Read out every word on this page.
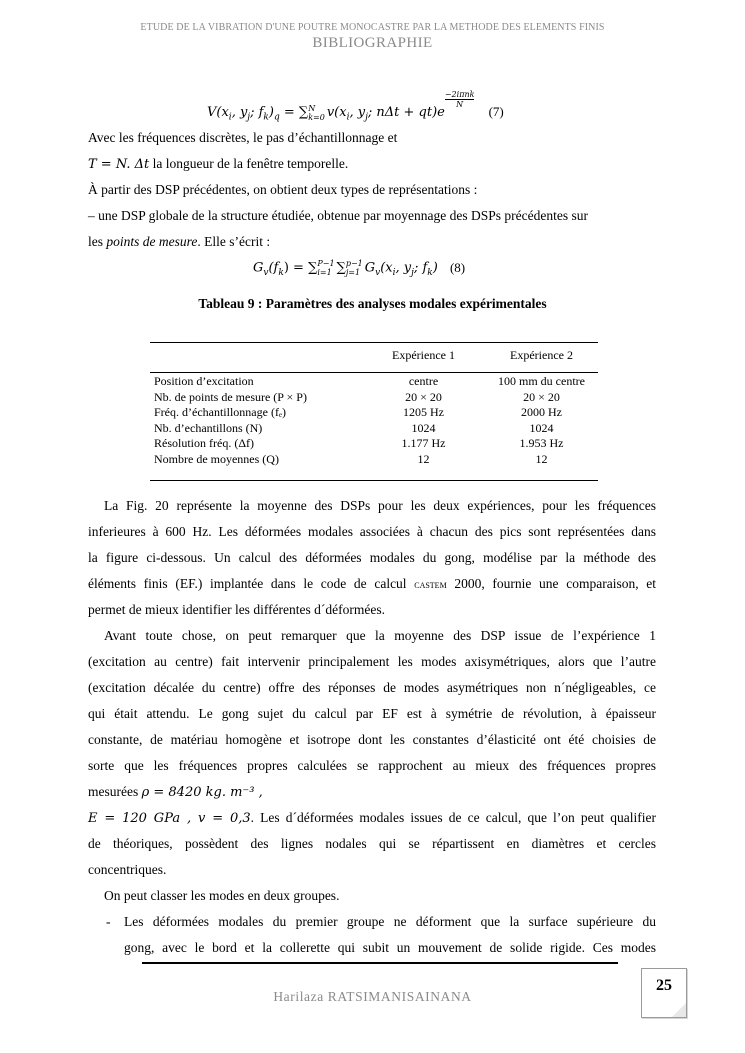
ETUDE DE LA VIBRATION D'UNE POUTRE MONOCASTRE PAR LA METHODE DES ELEMENTS FINIS
BIBLIOGRAPHIE
$V(x_i$, $y_j$; $f_k)_q$ = ∑ N
k=0 $v(x_i$, $y_j$; nΔt + qt)e
−2iπnk
N	(7)
Avec les fréquences discrètes, le pas d’échantillonnage et
T = N. Δt la longueur de la fenêtre temporelle.
À partir des DSP précédentes, on obtient deux types de représentations :
– une DSP globale de la structure étudiée, obtenue par moyennage des DSPs précédentes sur
les points de mesure. Elle s’écrit :
$G_v(f_k)$ = ∑ P−1
i=1 ∑ p−1
j=1 $G_v(x_i$, $y_j$; $f_k$) (8)
Tableau 9 : Paramètres des analyses modales expérimentales
	Expérience 1	Expérience 2
Position d’excitation	centre	100 mm du centre
Nb. de points de mesure (P × P)	20 × 20	20 × 20
Fréq. d’échantillonnage (fₑ)	1205 Hz	2000 Hz
Nb. d’echantillons (N)	1024	1024
Résolution fréq. (Δf)	1.177 Hz	1.953 Hz
Nombre de moyennes (Q)	12	12
La Fig. 20 représente la moyenne des DSPs pour les deux expériences, pour les fréquences
inferieures à 600 Hz. Les déformées modales associées à chacun des pics sont représentées dans
la figure ci-dessous. Un calcul des déformées modales du gong, modélise par la méthode des
éléments finis (EF.) implantée dans le code de calcul castem 2000, fournie une comparaison, et
permet de mieux identifier les différentes d´déformées.
Avant toute chose, on peut remarquer que la moyenne des DSP issue de l’expérience 1
(excitation au centre) fait intervenir principalement les modes axisymétriques, alors que l’autre
(excitation décalée du centre) offre des réponses de modes asymétriques non n´négligeables, ce
qui était attendu. Le gong sujet du calcul par EF est à symétrie de révolution, à épaisseur
constante, de matériau homogène et isotrope dont les constantes d’élasticité ont été choisies de
sorte que les fréquences propres calculées se rapprochent au mieux des fréquences propres
mesurées ρ = 8420 kg. m⁻³ ,
E = 120 GPa , v = 0,3. Les d´déformées modales issues de ce calcul, que l’on peut qualifier
de théoriques, possèdent des lignes nodales qui se répartissent en diamètres et cercles
concentriques.
On peut classer les modes en deux groupes.
- Les déformées modales du premier groupe ne déforment que la surface supérieure du
gong, avec le bord et la collerette qui subit un mouvement de solide rigide. Ces modes
25
Harilaza RATSIMANISAINANA
